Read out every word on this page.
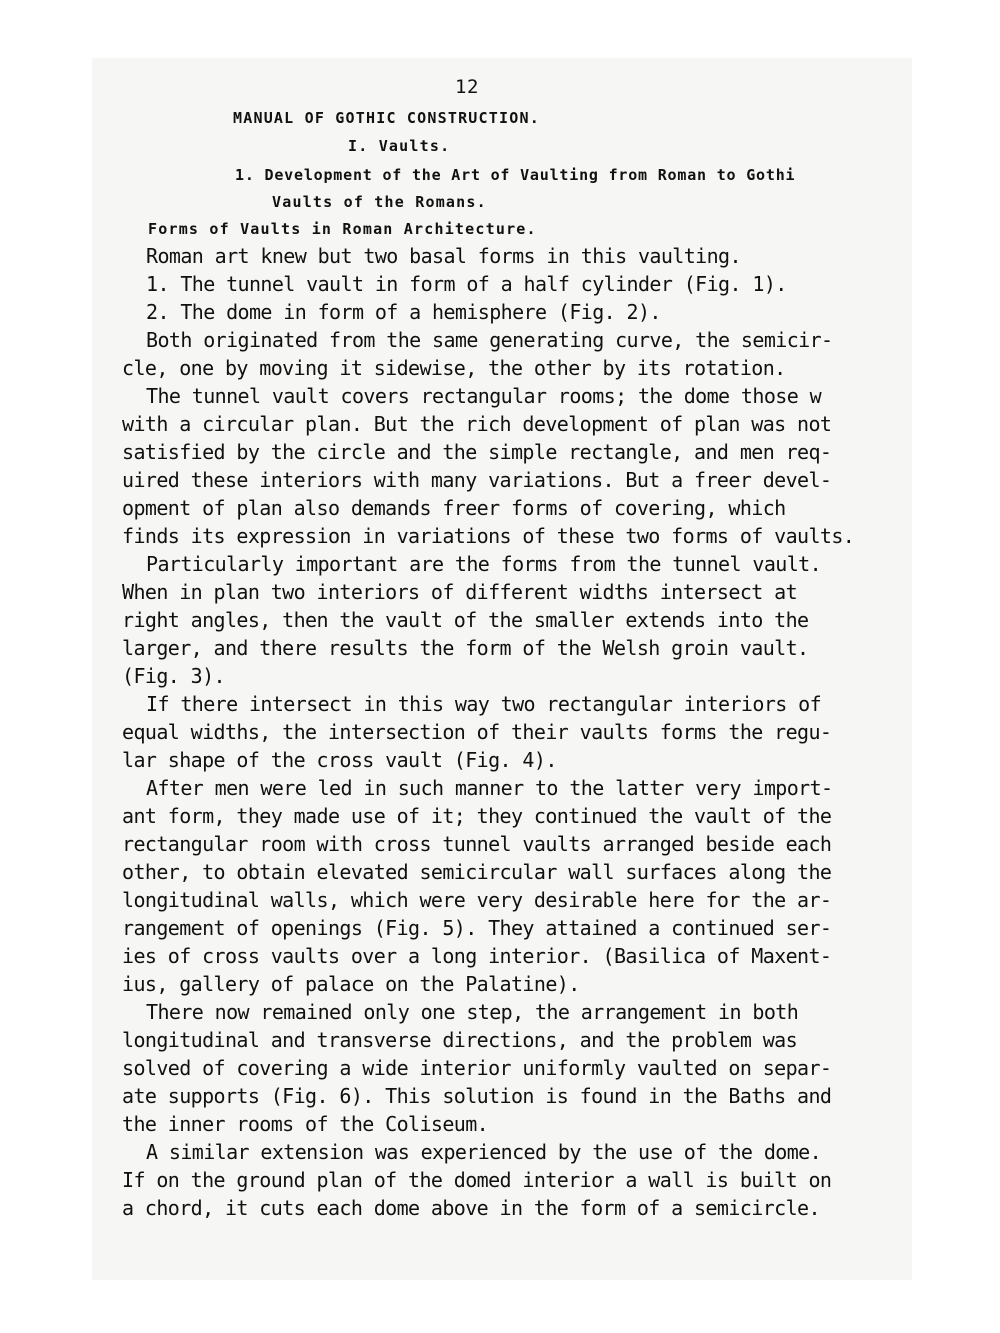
12
MANUAL OF GOTHIC CONSTRUCTION.
I. Vaults.
1. Development of the Art of Vaulting from Roman to Gothi
Vaults of the Romans.
Forms of Vaults in Roman Architecture.
Roman art knew but two basal forms in this vaulting.
1. The tunnel vault in form of a half cylinder (Fig. 1).
2. The dome in form of a hemisphere (Fig. 2).
Both originated from the same generating curve, the semicir-
cle, one by moving it sidewise, the other by its rotation.
The tunnel vault covers rectangular rooms; the dome those w
with a circular plan. But the rich development of plan was not
satisfied by the circle and the simple rectangle, and men req-
uired these interiors with many variations. But a freer devel-
opment of plan also demands freer forms of covering, which
finds its expression in variations of these two forms of vaults.
Particularly important are the forms from the tunnel vault.
When in plan two interiors of different widths intersect at
right angles, then the vault of the smaller extends into the
larger, and there results the form of the Welsh groin vault.
(Fig. 3).
If there intersect in this way two rectangular interiors of
equal widths, the intersection of their vaults forms the regu-
lar shape of the cross vault (Fig. 4).
After men were led in such manner to the latter very import-
ant form, they made use of it; they continued the vault of the
rectangular room with cross tunnel vaults arranged beside each
other, to obtain elevated semicircular wall surfaces along the
longitudinal walls, which were very desirable here for the ar-
rangement of openings (Fig. 5). They attained a continued ser-
ies of cross vaults over a long interior. (Basilica of Maxent-
ius, gallery of palace on the Palatine).
There now remained only one step, the arrangement in both
longitudinal and transverse directions, and the problem was
solved of covering a wide interior uniformly vaulted on separ-
ate supports (Fig. 6). This solution is found in the Baths and
the inner rooms of the Coliseum.
A similar extension was experienced by the use of the dome.
If on the ground plan of the domed interior a wall is built on
a chord, it cuts each dome above in the form of a semicircle.
